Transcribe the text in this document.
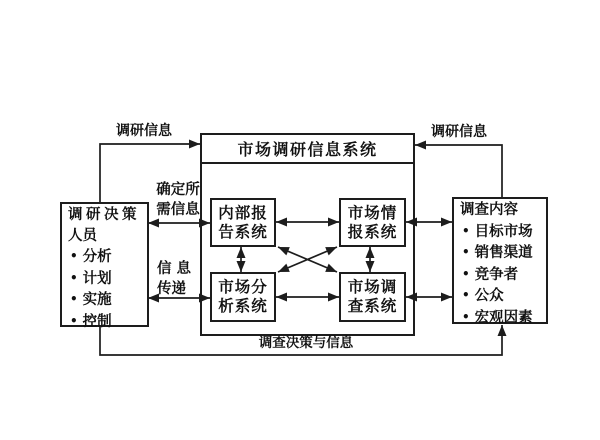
市场调研信息系统
调研决策
人员
• 分析
• 计划
• 实施
• 控制
调查内容
• 目标市场
• 销售渠道
• 竞争者
• 公众
• 宏观因素
内部报
告系统
市场情
报系统
市场分
析系统
市场调
查系统
调研信息	调研信息
确定所
需信息
信 息
传递
调查决策与信息
